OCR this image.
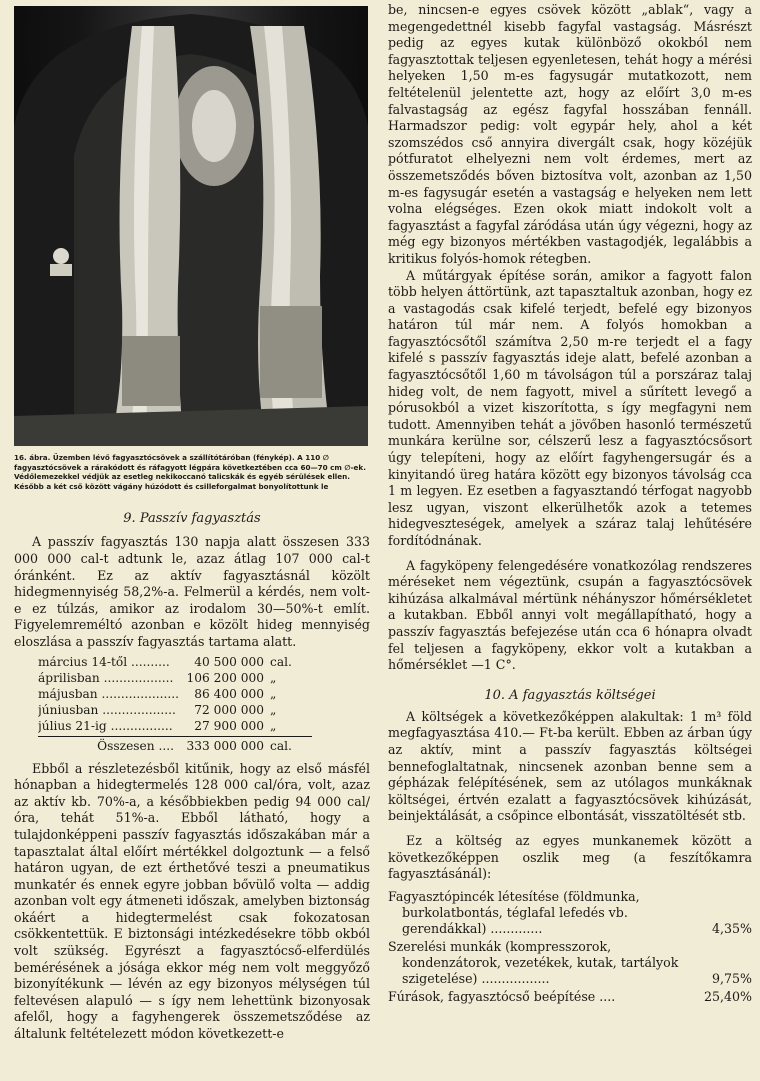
16. ábra. Üzemben lévő fagyasztócsövek a szállítótáróban (fénykép). A 110 ∅ fagyasztócsövek a rárakódott és ráfagyott légpára következtében cca 60—70 cm ∅-ek. Védőlemezekkel védjük az esetleg nekikoccanó talicskák és egyéb sérülések ellen. Később a két cső között vágány húzódott és csilleforgalmat bonyolítottunk le
9. Passzív fagyasztás

A passzív fagyasztás 130 napja alatt összesen 333 000 000 cal-t adtunk le, azaz átlag 107 000 cal-t óránként. Ez az aktív fagyasztásnál közölt hidegmennyiség 58,2%-a. Felmerül a kérdés, nem volt-e ez túlzás, amikor az irodalom 30—50%-t említ. Figyelemreméltó azonban e közölt hideg mennyiség eloszlása a passzív fagyasztás tartama alatt.

március 14-től ..........	40 500 000	cal.
áprilisban ..................	106 200 000	„
májusban ....................	86 400 000	„
júniusban ...................	72 000 000	„
július 21-ig ................	27 900 000	„
Összesen ....	333 000 000	cal.

Ebből a részletezésből kitűnik, hogy az első másfél hónapban a hidegtermelés 128 000 cal/óra, volt, azaz az aktív kb. 70%-a, a későbbiekben pedig 94 000 cal/óra, tehát 51%-a. Ebből látható, hogy a tulajdonképpeni passzív fagyasztás időszakában már a tapasztalat által előírt mértékkel dolgoztunk — a felső határon ugyan, de ezt érthetővé teszi a pneumatikus munkatér és ennek egyre jobban bővülő volta — addig azonban volt egy átmeneti időszak, amelyben biztonság okáért a hidegtermelést csak fokozatosan csökkentettük. E biztonsági intézkedésekre több okból volt szükség. Egyrészt a fagyasztócső-elferdülés bemérésének a jósága ekkor még nem volt meggyőző bizonyítékunk — lévén az egy bizonyos mélységen túl feltevésen alapuló — s így nem lehettünk bizonyosak afelől, hogy a fagyhengerek összemetsződése az általunk feltételezett módon következett-e

be, nincsen-e egyes csövek között „ablak“, vagy a megengedettnél kisebb fagyfal vastagság. Másrészt pedig az egyes kutak különböző okokból nem fagyasztottak teljesen egyenletesen, tehát hogy a mérési helyeken 1,50 m-es fagysugár mutatkozott, nem feltételenül jelentette azt, hogy az előírt 3,0 m-es falvastagság az egész fagyfal hosszában fennáll. Harmadszor pedig: volt egypár hely, ahol a két szomszédos cső annyira divergált csak, hogy közéjük pótfuratot elhelyezni nem volt érdemes, mert az összemetsződés bőven biztosítva volt, azonban az 1,50 m-es fagysugár esetén a vastagság e helyeken nem lett volna elégséges. Ezen okok miatt indokolt volt a fagyasztást a fagyfal záródása után úgy végezni, hogy az még egy bizonyos mértékben vastagodjék, legalábbis a kritikus folyós-homok rétegben.

A műtárgyak építése során, amikor a fagyott falon több helyen áttörtünk, azt tapasztaltuk azonban, hogy ez a vastagodás csak kifelé terjedt, befelé egy bizonyos határon túl már nem. A folyós homokban a fagyasztócsőtől számítva 2,50 m-re terjedt el a fagy kifelé s passzív fagyasztás ideje alatt, befelé azonban a fagyasztócsőtől 1,60 m távolságon túl a porszáraz talaj hideg volt, de nem fagyott, mivel a sűrített levegő a pórusokból a vizet kiszorította, s így megfagyni nem tudott. Amennyiben tehát a jövőben hasonló természetű munkára kerülne sor, célszerű lesz a fagyasztócsősort úgy telepíteni, hogy az előírt fagyhengersugár és a kinyitandó üreg határa között egy bizonyos távolság cca 1 m legyen. Ez esetben a fagyasztandó térfogat nagyobb lesz ugyan, viszont elkerülhetők azok a tetemes hidegveszteségek, amelyek a száraz talaj lehűtésére fordítódnának.

A fagyköpeny felengedésére vonatkozólag rendszeres méréseket nem végeztünk, csupán a fagyasztócsövek kihúzása alkalmával mértünk néhányszor hőmérsékletet a kutakban. Ebből annyi volt megállapítható, hogy a passzív fagyasztás befejezése után cca 6 hónapra olvadt fel teljesen a fagyköpeny, ekkor volt a kutakban a hőmérséklet —1 C°.

10. A fagyasztás költségei

A költségek a következőképpen alakultak: 1 m³ föld megfagyasztása 410.— Ft-ba került. Ebben az árban úgy az aktív, mint a passzív fagyasztás költségei bennefoglaltatnak, nincsenek azonban benne sem a gépházak felépítésének, sem az utólagos munkáknak költségei, értvén ezalatt a fagyasztócsövek kihúzását, beinjektálását, a csőpince elbontását, visszatöltését stb.

Ez a költség az egyes munkanemek között a következőképpen oszlik meg (a feszítőkamra fagyasztásánál):

Fagyasztópincék létesítése (földmunka, burkolatbontás, téglafal lefedés vb. gerendákkal) .............	4,35%
Szerelési munkák (kompresszorok, kondenzátorok, vezetékek, kutak, tartályok szigetelése) .................	9,75%
Fúrások, fagyasztócső beépítése ....	25,40%
